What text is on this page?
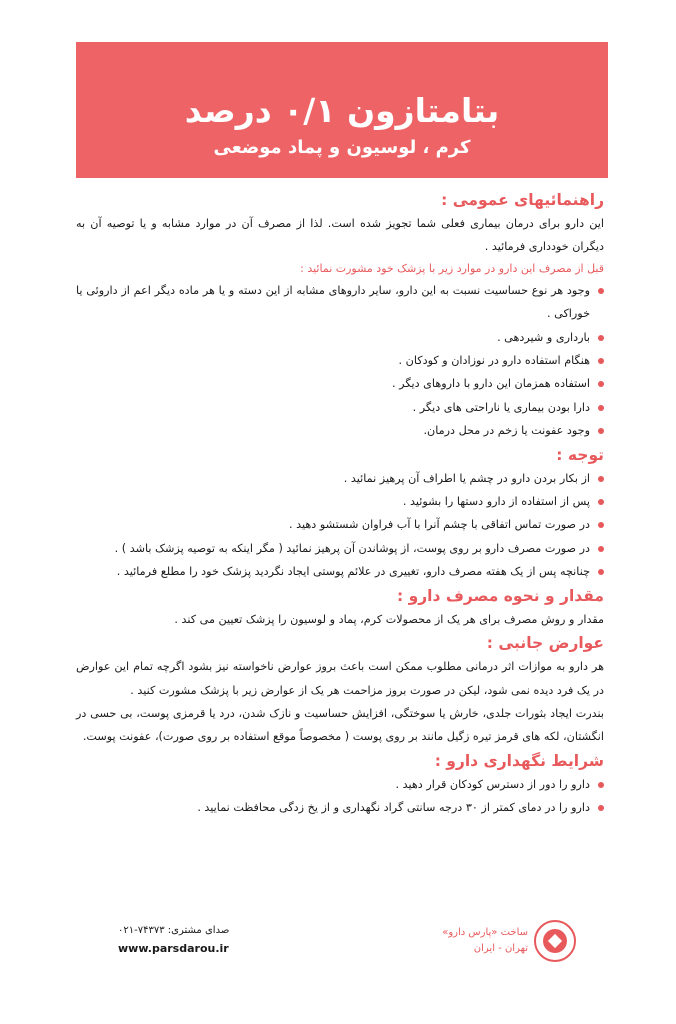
بتامتازون ۰/۱ درصد
کرم ، لوسیون و پماد موضعی
راهنمائیهای عمومی :
این دارو برای درمان بیماری فعلی شما تجویز شده است. لذا از مصرف آن در موارد مشابه و یا توصیه آن به دیگران خودداری فرمائید .
قبل از مصرف این دارو در موارد زیر با پزشک خود مشورت نمائید :
وجود هر نوع حساسیت نسبت به این دارو، سایر داروهای مشابه از این دسته و یا هر ماده دیگر اعم از داروئی یا خوراکی .
بارداری و شیردهی .
هنگام استفاده دارو در نوزادان و کودکان .
استفاده همزمان این دارو با داروهای دیگر .
دارا بودن بیماری یا ناراحتی های دیگر .
وجود عفونت یا زخم در محل درمان.
توجه :
از بکار بردن دارو در چشم یا اطراف آن پرهیز نمائید .
پس از استفاده از دارو دستها را بشوئید .
در صورت تماس اتفاقی با چشم آنرا با آب فراوان شستشو دهید .
در صورت مصرف دارو بر روی پوست، از پوشاندن آن پرهیز نمائید ( مگر اینکه به توصیه پزشک باشد ) .
چنانچه پس از یک هفته مصرف دارو، تغییری در علائم پوستی ایجاد نگردید پزشک خود را مطلع فرمائید .
مقدار و نحوه مصرف دارو :
مقدار و روش مصرف برای هر یک از محصولات کرم، پماد و لوسیون را پزشک تعیین می کند .
عوارض جانبی :
هر دارو به موازات اثر درمانی مطلوب ممکن است باعث بروز عوارض ناخواسته نیز بشود اگرچه تمام این عوارض در یک فرد دیده نمی شود، لیکن در صورت بروز مزاحمت هر یک از عوارض زیر با پزشک مشورت کنید .
بندرت ایجاد بثورات جلدی، خارش یا سوختگی، افزایش حساسیت و نازک شدن، درد یا قرمزی پوست، بی حسی در انگشتان، لکه های قرمز تیره زگیل مانند بر روی پوست ( مخصوصاً موقع استفاده بر روی صورت)، عفونت پوست.
شرایط نگهداری دارو :
دارو را دور از دسترس کودکان قرار دهید .
دارو را در دمای کمتر از ۳۰ درجه سانتی گراد نگهداری و از یخ زدگی محافظت نمایید .
ساخت «پارس دارو»
تهران - ایران
صدای مشتری: ۷۴۳۷۳-۰۲۱
www.parsdarou.ir
